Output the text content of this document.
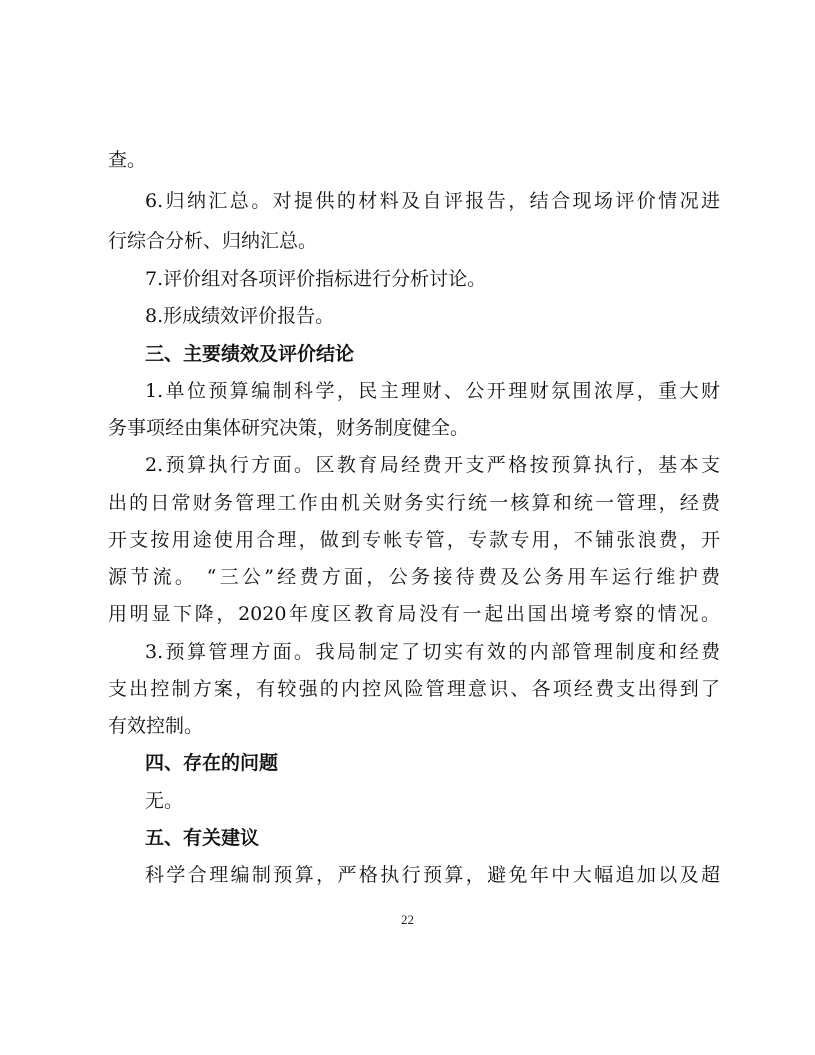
查。
6.归纳汇总。对提供的材料及自评报告，结合现场评价情况进
行综合分析、归纳汇总。
7.评价组对各项评价指标进行分析讨论。
8.形成绩效评价报告。
三、主要绩效及评价结论
1.单位预算编制科学，民主理财、公开理财氛围浓厚，重大财
务事项经由集体研究决策，财务制度健全。
2.预算执行方面。区教育局经费开支严格按预算执行，基本支
出的日常财务管理工作由机关财务实行统一核算和统一管理，经费
开支按用途使用合理，做到专帐专管，专款专用，不铺张浪费，开
源节流。 “三公”经费方面，公务接待费及公务用车运行维护费
用明显下降，2020年度区教育局没有一起出国出境考察的情况。
3.预算管理方面。我局制定了切实有效的内部管理制度和经费
支出控制方案，有较强的内控风险管理意识、各项经费支出得到了
有效控制。
四、存在的问题
无。
五、有关建议
科学合理编制预算，严格执行预算，避免年中大幅追加以及超
22
